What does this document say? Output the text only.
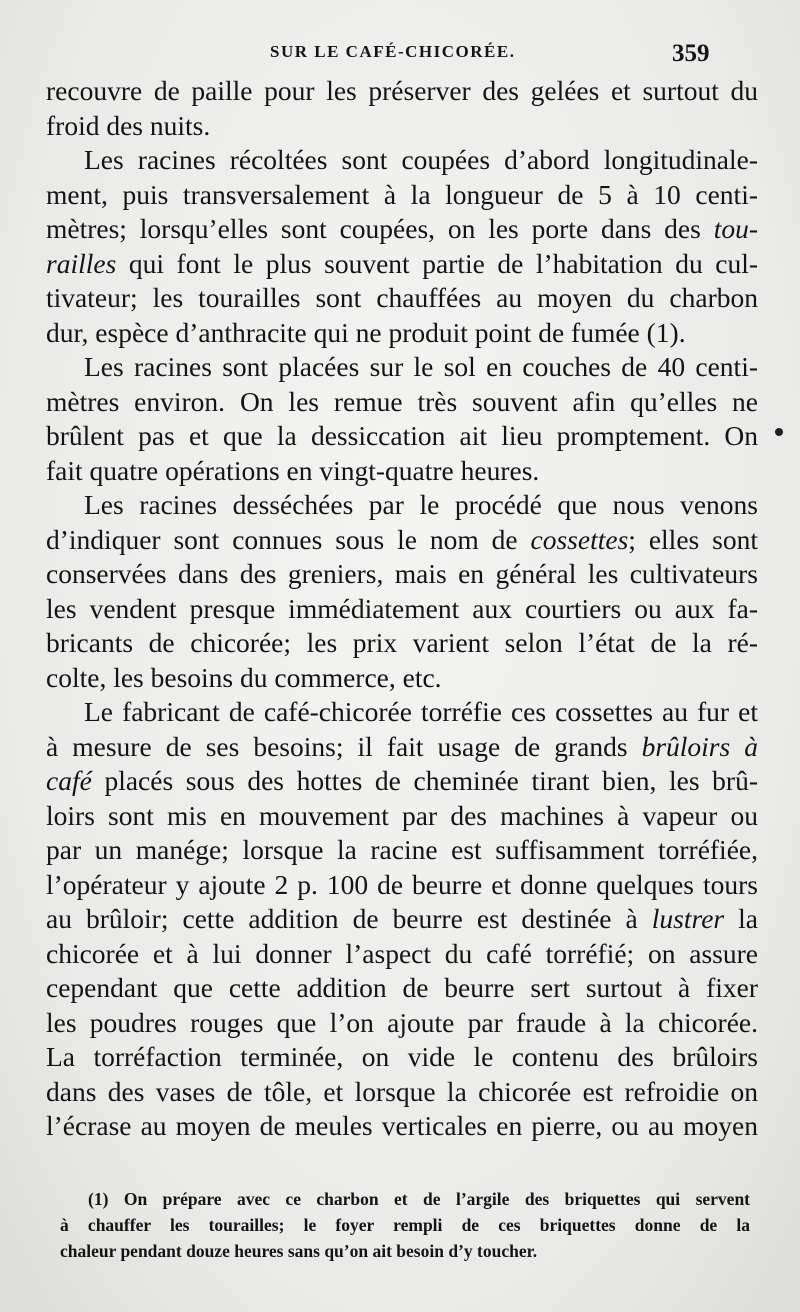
SUR LE CAFÉ-CHICORÉE.	359
recouvre de paille pour les préserver des gelées et surtout du
froid des nuits.
Les racines récoltées sont coupées d’abord longitudinale-
ment, puis transversalement à la longueur de 5 à 10 centi-
mètres; lorsqu’elles sont coupées, on les porte dans des tou-
railles qui font le plus souvent partie de l’habitation du cul-
tivateur; les tourailles sont chauffées au moyen du charbon
dur, espèce d’anthracite qui ne produit point de fumée (1).
Les racines sont placées sur le sol en couches de 40 centi-
mètres environ. On les remue très souvent afin qu’elles ne
brûlent pas et que la dessiccation ait lieu promptement. On
fait quatre opérations en vingt-quatre heures.
Les racines desséchées par le procédé que nous venons
d’indiquer sont connues sous le nom de cossettes; elles sont
conservées dans des greniers, mais en général les cultivateurs
les vendent presque immédiatement aux courtiers ou aux fa-
bricants de chicorée; les prix varient selon l’état de la ré-
colte, les besoins du commerce, etc.
Le fabricant de café-chicorée torréfie ces cossettes au fur et
à mesure de ses besoins; il fait usage de grands brûloirs à
café placés sous des hottes de cheminée tirant bien, les brû-
loirs sont mis en mouvement par des machines à vapeur ou
par un manége; lorsque la racine est suffisamment torréfiée,
l’opérateur y ajoute 2 p. 100 de beurre et donne quelques tours
au brûloir; cette addition de beurre est destinée à lustrer la
chicorée et à lui donner l’aspect du café torréfié; on assure
cependant que cette addition de beurre sert surtout à fixer
les poudres rouges que l’on ajoute par fraude à la chicorée.
La torréfaction terminée, on vide le contenu des brûloirs
dans des vases de tôle, et lorsque la chicorée est refroidie on
l’écrase au moyen de meules verticales en pierre, ou au moyen
(1) On prépare avec ce charbon et de l’argile des briquettes qui servent
à chauffer les tourailles; le foyer rempli de ces briquettes donne de la
chaleur pendant douze heures sans qu’on ait besoin d’y toucher.
